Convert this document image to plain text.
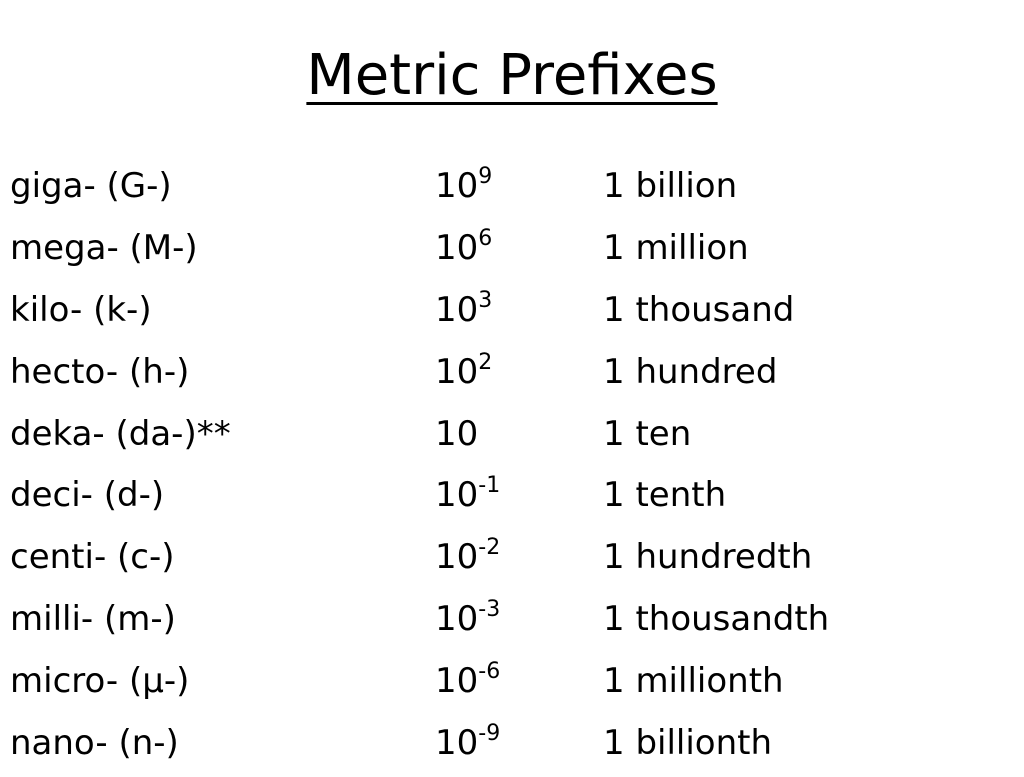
Metric Prefixes
giga- (G-)	$10^9$	1 billion
mega- (M-)	$10^6$	1 million
kilo- (k-)	$10^3$	1 thousand
hecto- (h-)	$10^2$	1 hundred
deka- (da-)**	10	1 ten
deci- (d-)	$10^{-1}$	1 tenth
centi- (c-)	$10^{-2}$	1 hundredth
milli- (m-)	$10^{-3}$	1 thousandth
micro- (µ-)	$10^{-6}$	1 millionth
nano- (n-)	$10^{-9}$	1 billionth
